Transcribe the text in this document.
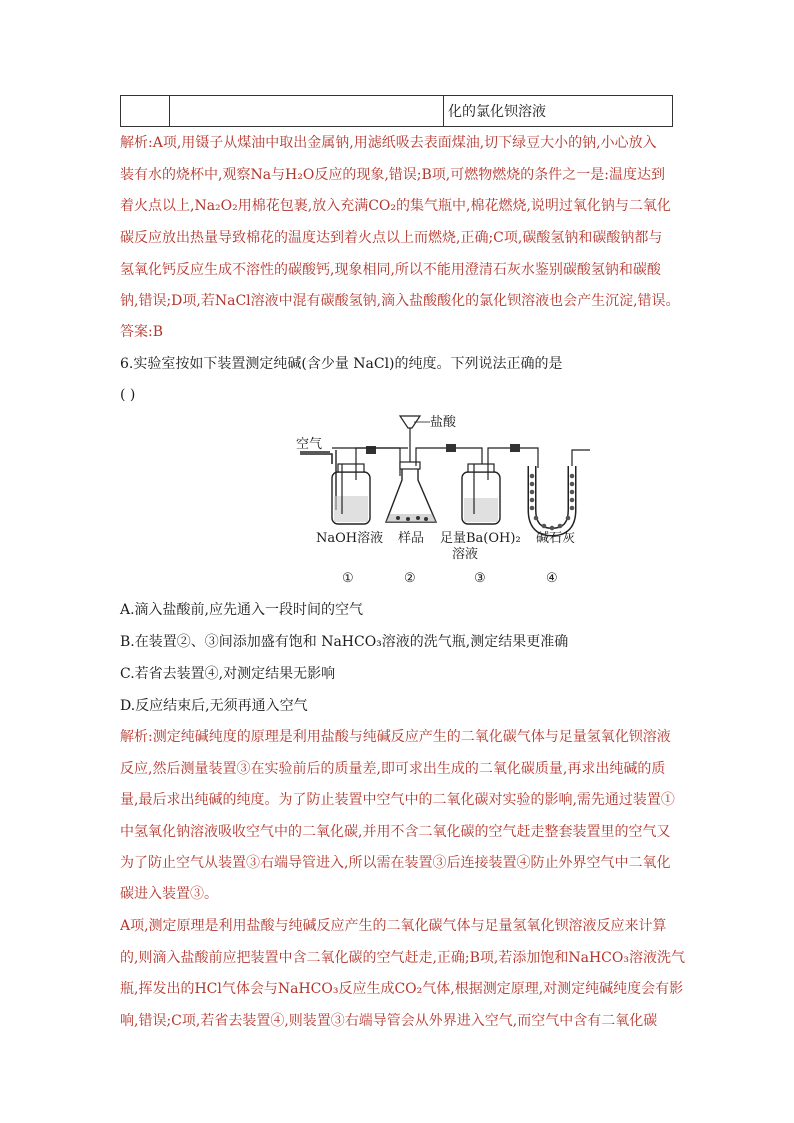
		化的氯化钡溶液
解析:A项,用镊子从煤油中取出金属钠,用滤纸吸去表面煤油,切下绿豆大小的钠,小心放入
装有水的烧杯中,观察Na与H₂O反应的现象,错误;B项,可燃物燃烧的条件之一是:温度达到
着火点以上,Na₂O₂用棉花包裹,放入充满CO₂的集气瓶中,棉花燃烧,说明过氧化钠与二氧化
碳反应放出热量导致棉花的温度达到着火点以上而燃烧,正确;C项,碳酸氢钠和碳酸钠都与
氢氧化钙反应生成不溶性的碳酸钙,现象相同,所以不能用澄清石灰水鉴别碳酸氢钠和碳酸
钠,错误;D项,若NaCl溶液中混有碳酸氢钠,滴入盐酸酸化的氯化钡溶液也会产生沉淀,错误。
答案:B
6.实验室按如下装置测定纯碱(含少量 NaCl)的纯度。下列说法正确的是
( )
空气
盐酸
NaOH溶液 样品 足量Ba(OH)₂
溶液
碱石灰
①	②	③	④
A.滴入盐酸前,应先通入一段时间的空气
B.在装置②、③间添加盛有饱和 NaHCO₃溶液的洗气瓶,测定结果更准确
C.若省去装置④,对测定结果无影响
D.反应结束后,无须再通入空气
解析:测定纯碱纯度的原理是利用盐酸与纯碱反应产生的二氧化碳气体与足量氢氧化钡溶液
反应,然后测量装置③在实验前后的质量差,即可求出生成的二氧化碳质量,再求出纯碱的质
量,最后求出纯碱的纯度。为了防止装置中空气中的二氧化碳对实验的影响,需先通过装置①
中氢氧化钠溶液吸收空气中的二氧化碳,并用不含二氧化碳的空气赶走整套装置里的空气又
为了防止空气从装置③右端导管进入,所以需在装置③后连接装置④防止外界空气中二氧化
碳进入装置③。
A项,测定原理是利用盐酸与纯碱反应产生的二氧化碳气体与足量氢氧化钡溶液反应来计算
的,则滴入盐酸前应把装置中含二氧化碳的空气赶走,正确;B项,若添加饱和NaHCO₃溶液洗气
瓶,挥发出的HCl气体会与NaHCO₃反应生成CO₂气体,根据测定原理,对测定纯碱纯度会有影
响,错误;C项,若省去装置④,则装置③右端导管会从外界进入空气,而空气中含有二氧化碳
